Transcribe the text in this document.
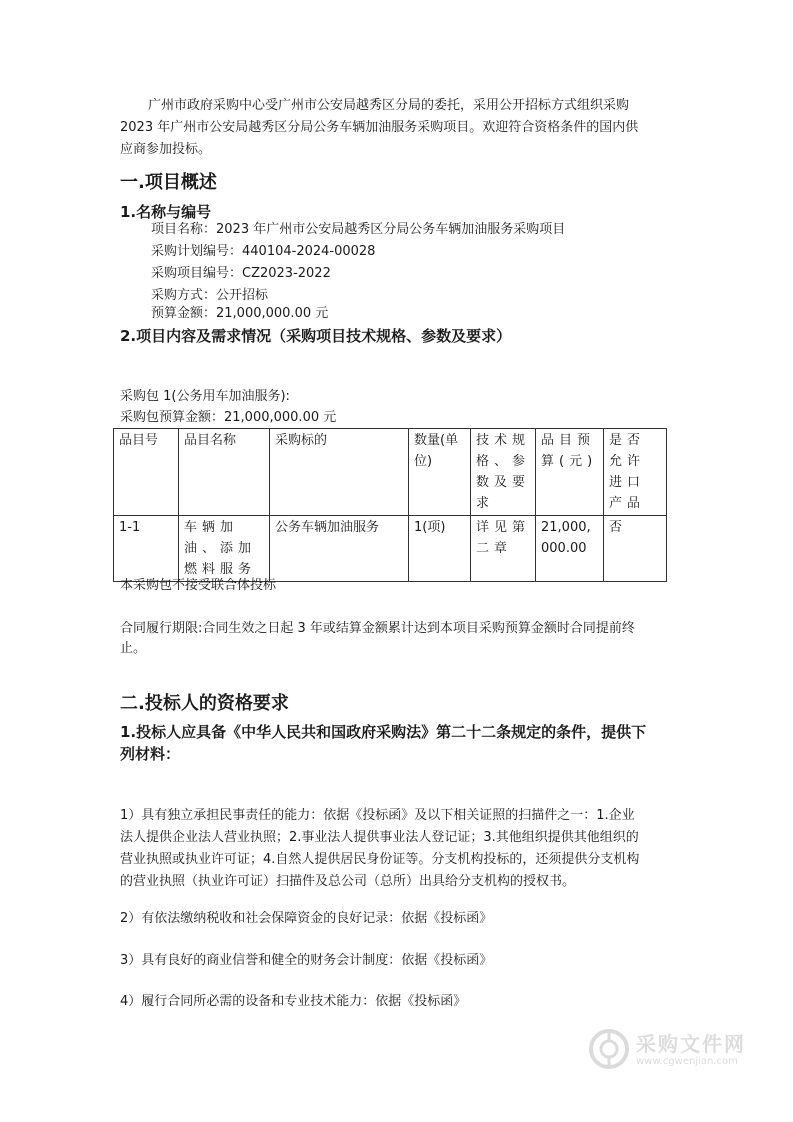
广州市政府采购中心受广州市公安局越秀区分局的委托，采用公开招标方式组织采购
2023 年广州市公安局越秀区分局公务车辆加油服务采购项目。欢迎符合资格条件的国内供
应商参加投标。
一.项目概述
1.名称与编号
项目名称：2023 年广州市公安局越秀区分局公务车辆加油服务采购项目
采购计划编号：440104-2024-00028
采购项目编号：CZ2023-2022
采购方式：公开招标
预算金额：21,000,000.00 元
2.项目内容及需求情况（采购项目技术规格、参数及要求）
采购包 1(公务用车加油服务):
采购包预算金额：21,000,000.00 元
品目号	品目名称	采购标的	数量(单位)	技术规格、参数及要求	品目预算(元)	是否允许进口产品
1-1	车辆加油、添加燃料服务	公务车辆加油服务	1(项)	详见第二章	21,000,000.00	否
本采购包不接受联合体投标
合同履行期限:合同生效之日起 3 年或结算金额累计达到本项目采购预算金额时合同提前终
止。
二.投标人的资格要求
1.投标人应具备《中华人民共和国政府采购法》第二十二条规定的条件，提供下
列材料：
1）具有独立承担民事责任的能力：依据《投标函》及以下相关证照的扫描件之一：1.企业
法人提供企业法人营业执照；2.事业法人提供事业法人登记证；3.其他组织提供其他组织的
营业执照或执业许可证；4.自然人提供居民身份证等。分支机构投标的，还须提供分支机构
的营业执照（执业许可证）扫描件及总公司（总所）出具给分支机构的授权书。
2）有依法缴纳税收和社会保障资金的良好记录：依据《投标函》
3）具有良好的商业信誉和健全的财务会计制度：依据《投标函》
4）履行合同所必需的设备和专业技术能力：依据《投标函》
采购文件网
www.cgwenjian.com
